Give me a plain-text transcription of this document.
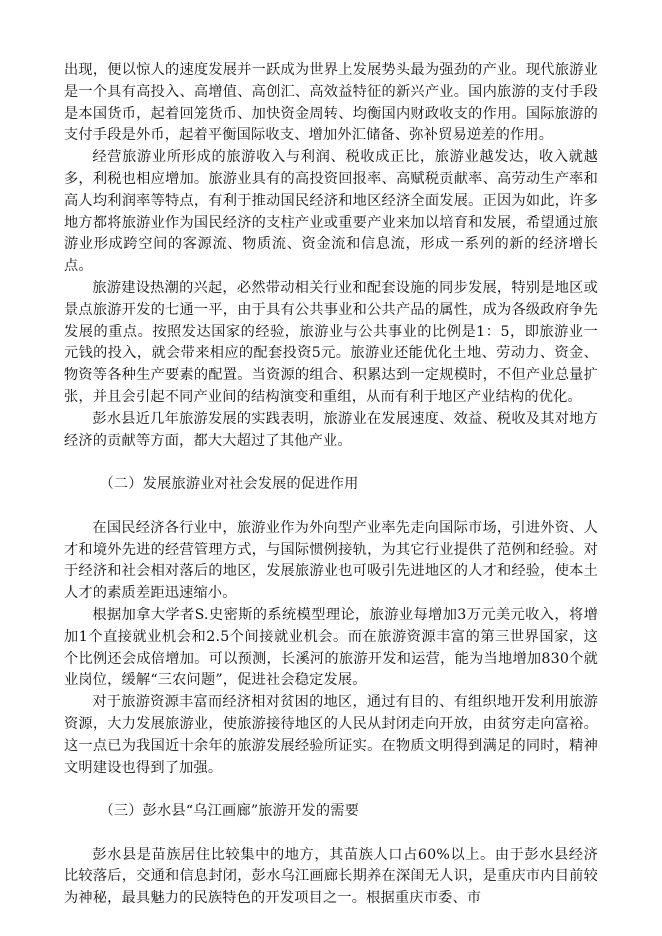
出现，便以惊人的速度发展并一跃成为世界上发展势头最为强劲的产业。现代旅游业是一个具有高投入、高增值、高创汇、高效益特征的新兴产业。国内旅游的支付手段是本国货币，起着回笼货币、加快资金周转、均衡国内财政收支的作用。国际旅游的支付手段是外币，起着平衡国际收支、增加外汇储备、弥补贸易逆差的作用。

经营旅游业所形成的旅游收入与利润、税收成正比，旅游业越发达，收入就越多，利税也相应增加。旅游业具有的高投资回报率、高赋税贡献率、高劳动生产率和高人均利润率等特点，有利于推动国民经济和地区经济全面发展。正因为如此，许多地方都将旅游业作为国民经济的支柱产业或重要产业来加以培育和发展，希望通过旅游业形成跨空间的客源流、物质流、资金流和信息流，形成一系列的新的经济增长点。

旅游建设热潮的兴起，必然带动相关行业和配套设施的同步发展，特别是地区或景点旅游开发的七通一平，由于具有公共事业和公共产品的属性，成为各级政府争先发展的重点。按照发达国家的经验，旅游业与公共事业的比例是1：5，即旅游业一元钱的投入，就会带来相应的配套投资5元。旅游业还能优化土地、劳动力、资金、物资等各种生产要素的配置。当资源的组合、积累达到一定规模时，不但产业总量扩张，并且会引起不同产业间的结构演变和重组，从而有利于地区产业结构的优化。

彭水县近几年旅游发展的实践表明，旅游业在发展速度、效益、税收及其对地方经济的贡献等方面，都大大超过了其他产业。

（二）发展旅游业对社会发展的促进作用

在国民经济各行业中，旅游业作为外向型产业率先走向国际市场，引进外资、人才和境外先进的经营管理方式，与国际惯例接轨，为其它行业提供了范例和经验。对于经济和社会相对落后的地区，发展旅游业也可吸引先进地区的人才和经验，使本土人才的素质差距迅速缩小。

根据加拿大学者S.史密斯的系统模型理论，旅游业每增加3万元美元收入，将增加1个直接就业机会和2.5个间接就业机会。而在旅游资源丰富的第三世界国家，这个比例还会成倍增加。可以预测，长溪河的旅游开发和运营，能为当地增加830个就业岗位，缓解“三农问题”，促进社会稳定发展。

对于旅游资源丰富而经济相对贫困的地区，通过有目的、有组织地开发利用旅游资源，大力发展旅游业，使旅游接待地区的人民从封闭走向开放，由贫穷走向富裕。这一点已为我国近十余年的旅游发展经验所证实。在物质文明得到满足的同时，精神文明建设也得到了加强。

（三）彭水县“乌江画廊”旅游开发的需要

彭水县是苗族居住比较集中的地方，其苗族人口占60%以上。由于彭水县经济比较落后，交通和信息封闭，彭水乌江画廊长期养在深闺无人识，是重庆市内目前较为神秘，最具魅力的民族特色的开发项目之一。根据重庆市委、市
